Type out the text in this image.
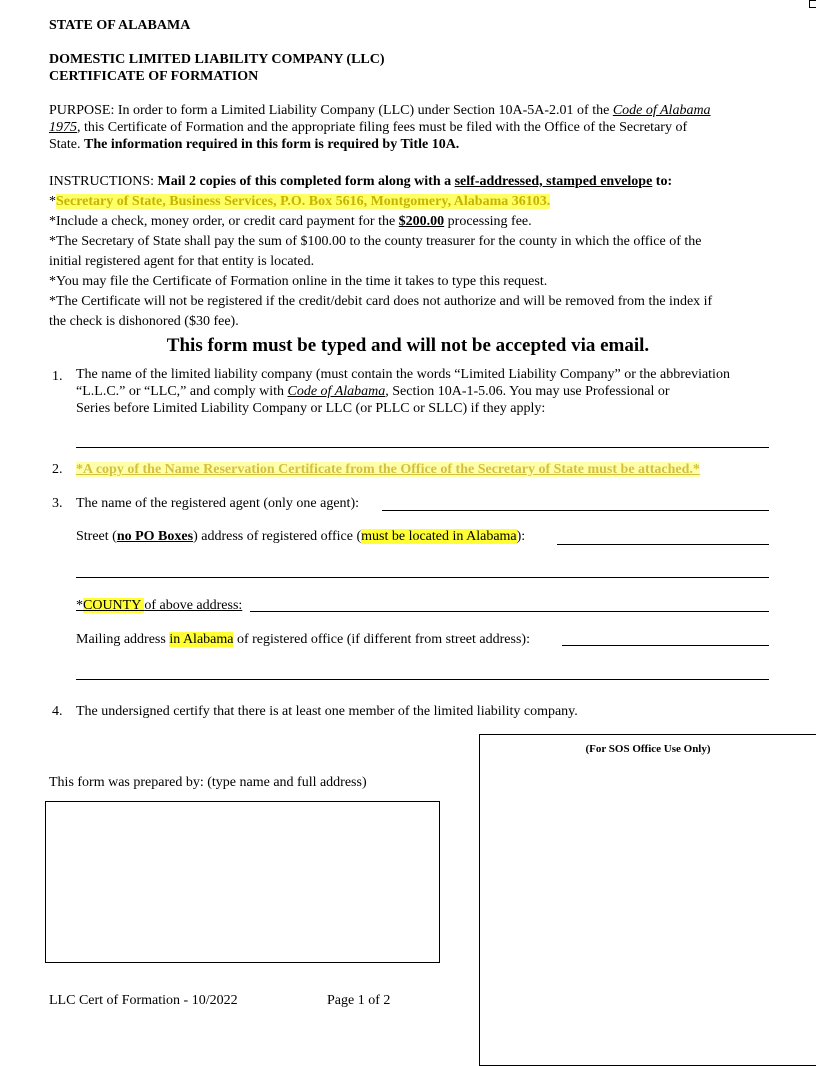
STATE OF ALABAMA
DOMESTIC LIMITED LIABILITY COMPANY (LLC)
CERTIFICATE OF FORMATION
PURPOSE: In order to form a Limited Liability Company (LLC) under Section 10A-5A-2.01 of the Code of Alabama
1975, this Certificate of Formation and the appropriate filing fees must be filed with the Office of the Secretary of
State. The information required in this form is required by Title 10A.
INSTRUCTIONS: Mail 2 copies of this completed form along with a self-addressed, stamped envelope to:
*Secretary of State, Business Services, P.O. Box 5616, Montgomery, Alabama 36103.
*Include a check, money order, or credit card payment for the $200.00 processing fee.
*The Secretary of State shall pay the sum of $100.00 to the county treasurer for the county in which the office of the
initial registered agent for that entity is located.
*You may file the Certificate of Formation online in the time it takes to type this request.
*The Certificate will not be registered if the credit/debit card does not authorize and will be removed from the index if
the check is dishonored ($30 fee).
This form must be typed and will not be accepted via email.
1. The name of the limited liability company (must contain the words “Limited Liability Company” or the abbreviation
“L.L.C.” or “LLC,” and comply with Code of Alabama, Section 10A-1-5.06. You may use Professional or
Series before Limited Liability Company or LLC (or PLLC or SLLC) if they apply:
2. *A copy of the Name Reservation Certificate from the Office of the Secretary of State must be attached.*
3. The name of the registered agent (only one agent):
Street (no PO Boxes) address of registered office (must be located in Alabama):
*COUNTY of above address:
Mailing address in Alabama of registered office (if different from street address):
4. The undersigned certify that there is at least one member of the limited liability company.
(For SOS Office Use Only)
This form was prepared by: (type name and full address)
LLC Cert of Formation - 10/2022	Page 1 of 2
